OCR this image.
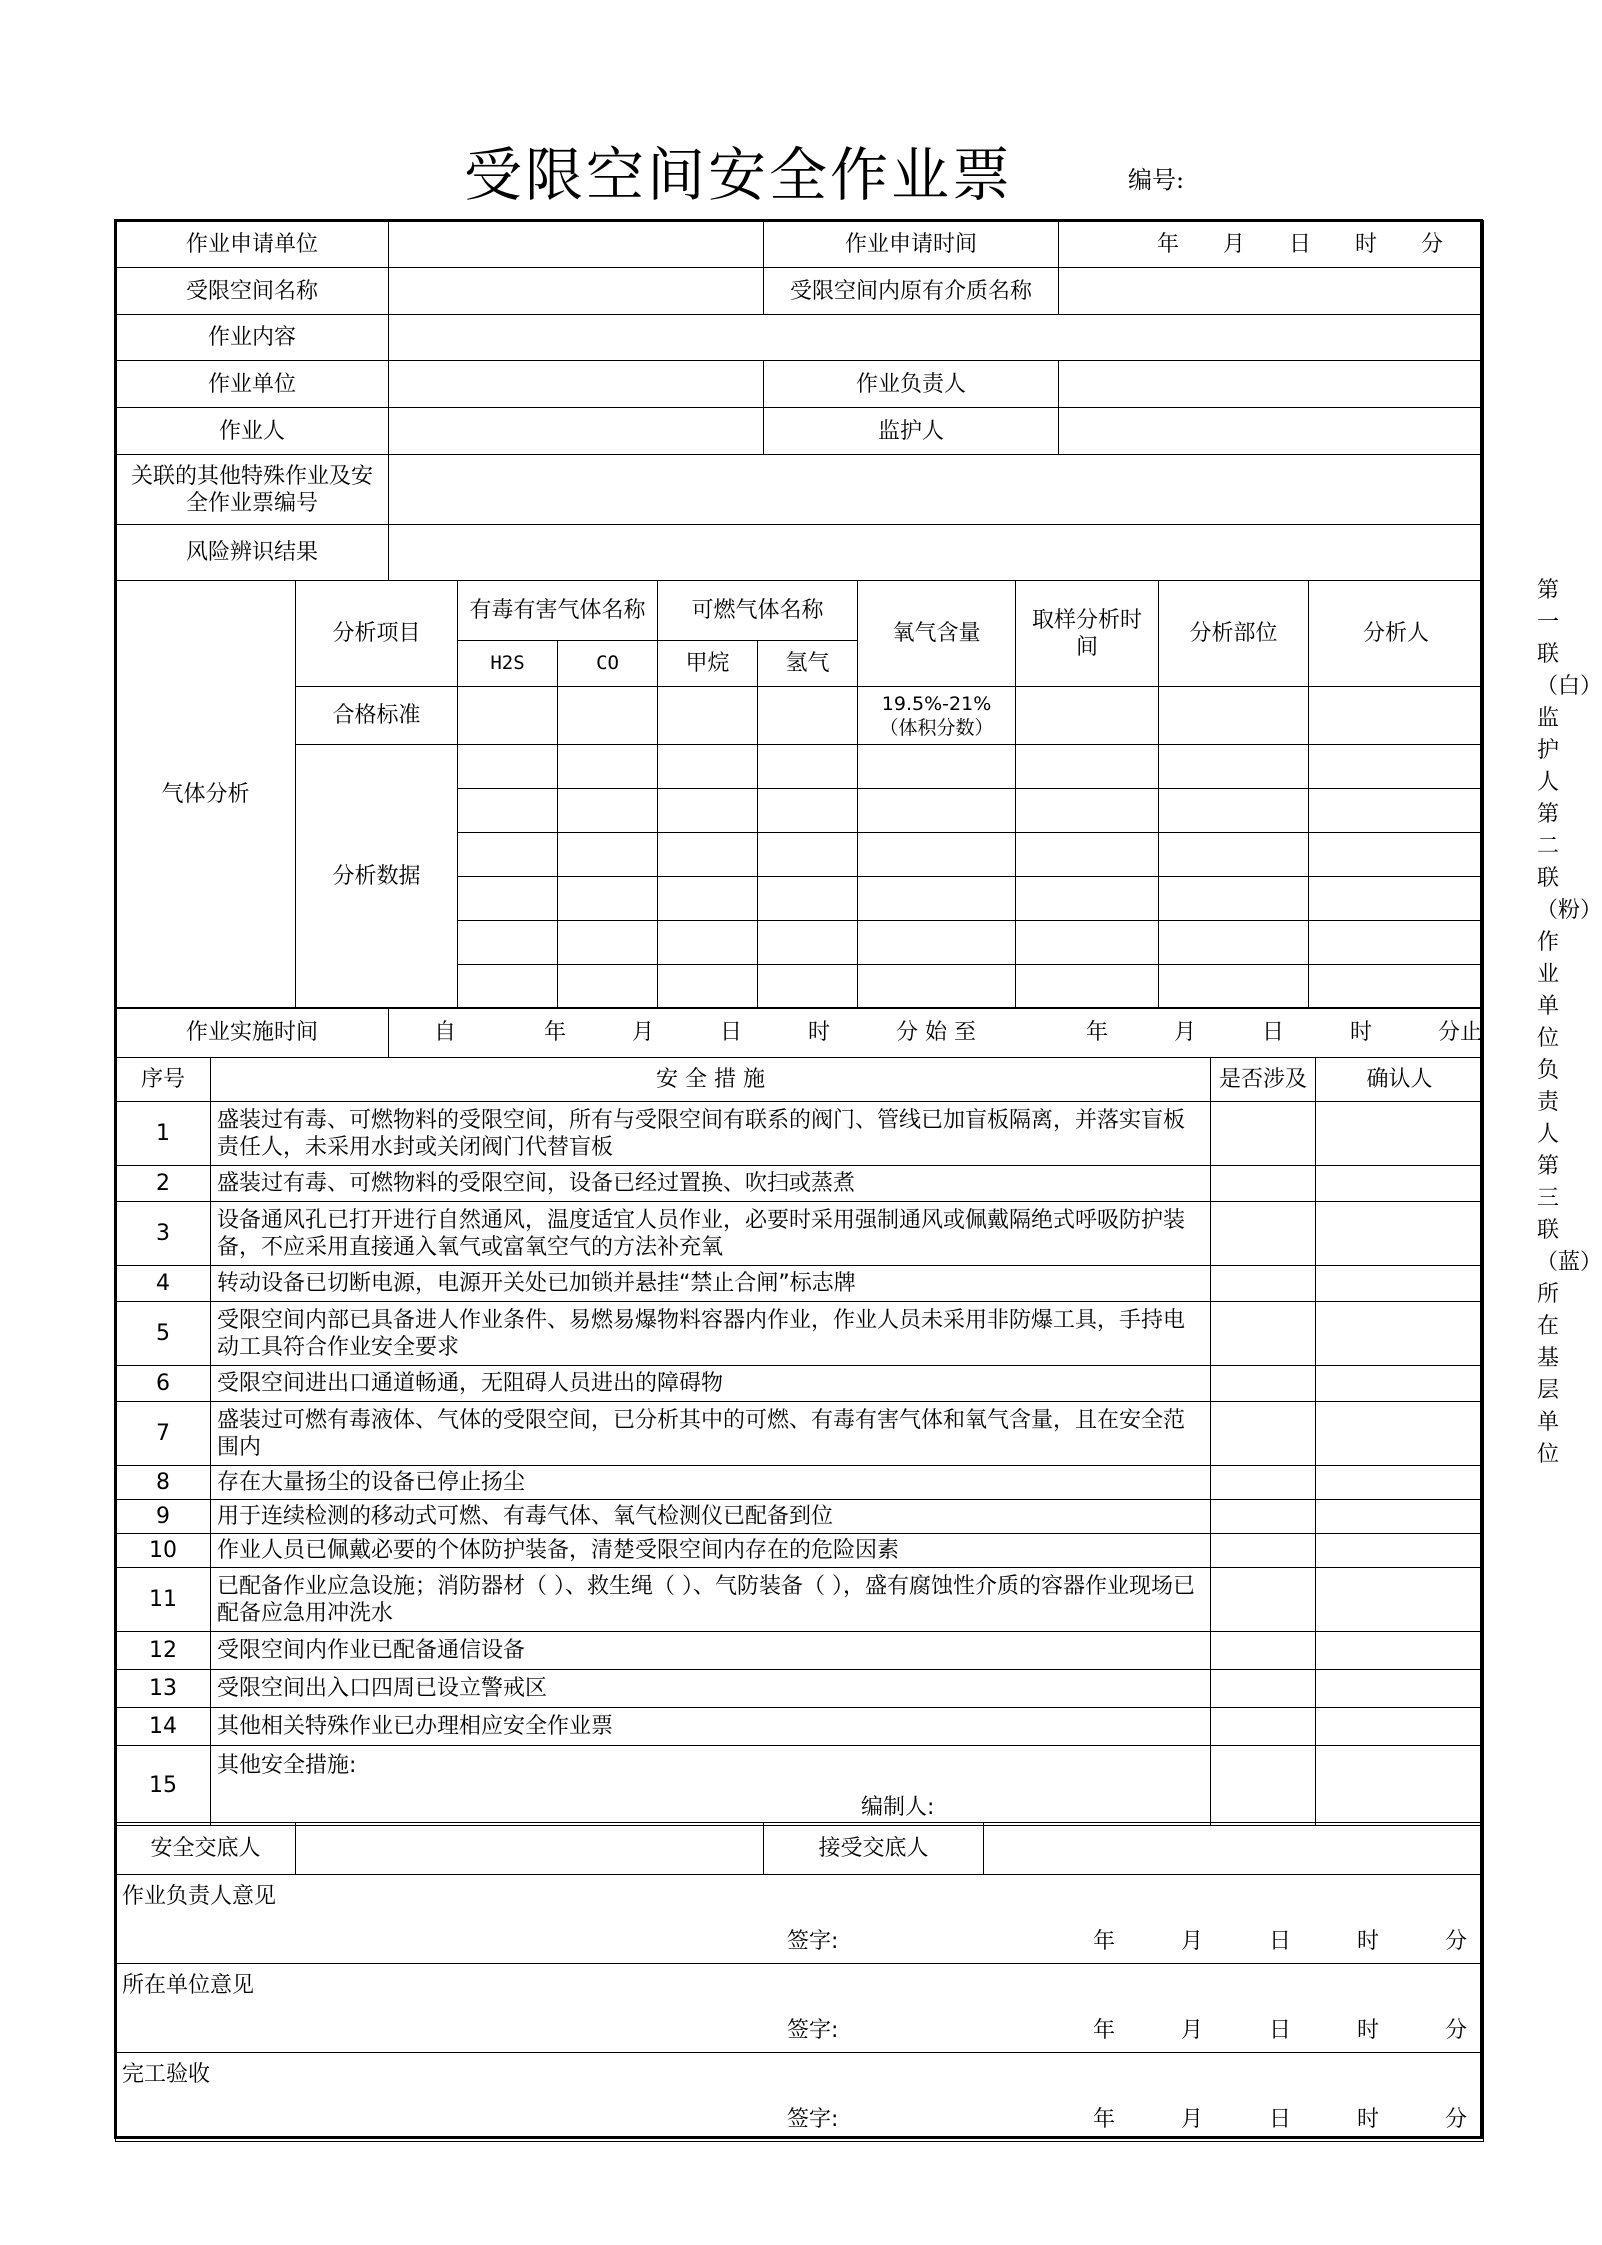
受限空间安全作业票	编号:
第一联（白）监护人　第二联（粉）作业单位负责人　第三联（蓝）所在基层单位
作业申请单位		作业申请时间	年　　月　　日　　时　　分
受限空间名称		受限空间内原有介质名称	
作业内容			
作业单位		作业负责人	
作业人		监护人	
关联的其他特殊作业及安全作业票编号			
风险辨识结果			
气体分析	分析项目	有毒有害气体名称		可燃气体名称		氧气含量	取样分析时间	分析部位	分析人
		H2S	CO	甲烷	氢气				
	合格标准					19.5%-21%（体积分数）			
	分析数据								

作业实施时间	自　　　　年　　　月　　　日　　　时　　　分 始 至　　　　　年　　　月　　　日　　　时　　　分止
序号	安 全 措 施	是否涉及	确认人
1	盛装过有毒、可燃物料的受限空间，所有与受限空间有联系的阀门、管线已加盲板隔离，并落实盲板责任人，未采用水封或关闭阀门代替盲板		
2	盛装过有毒、可燃物料的受限空间，设备已经过置换、吹扫或蒸煮		
3	设备通风孔已打开进行自然通风，温度适宜人员作业，必要时采用强制通风或佩戴隔绝式呼吸防护装备，不应采用直接通入氧气或富氧空气的方法补充氧		
4	转动设备已切断电源，电源开关处已加锁并悬挂“禁止合闸”标志牌		
5	受限空间内部已具备进人作业条件、易燃易爆物料容器内作业，作业人员未采用非防爆工具，手持电动工具符合作业安全要求		
6	受限空间进出口通道畅通，无阻碍人员进出的障碍物		
7	盛装过可燃有毒液体、气体的受限空间，已分析其中的可燃、有毒有害气体和氧气含量，且在安全范围内		
8	存在大量扬尘的设备已停止扬尘		
9	用于连续检测的移动式可燃、有毒气体、氧气检测仪已配备到位		
10	作业人员已佩戴必要的个体防护装备，清楚受限空间内存在的危险因素		
11	已配备作业应急设施；消防器材（ ）、救生绳（ ）、气防装备（ ），盛有腐蚀性介质的容器作业现场已配备应急用冲洗水		
12	受限空间内作业已配备通信设备		
13	受限空间出入口四周已设立警戒区		
14	其他相关特殊作业已办理相应安全作业票		
15	其他安全措施:
编制人:		

安全交底人		接受交底人	
作业负责人意见
签字:	年　　　月　　　日　　　时　　　分

所在单位意见
签字:	年　　　月　　　日　　　时　　　分

完工验收
签字:	年　　　月　　　日　　　时　　　分
